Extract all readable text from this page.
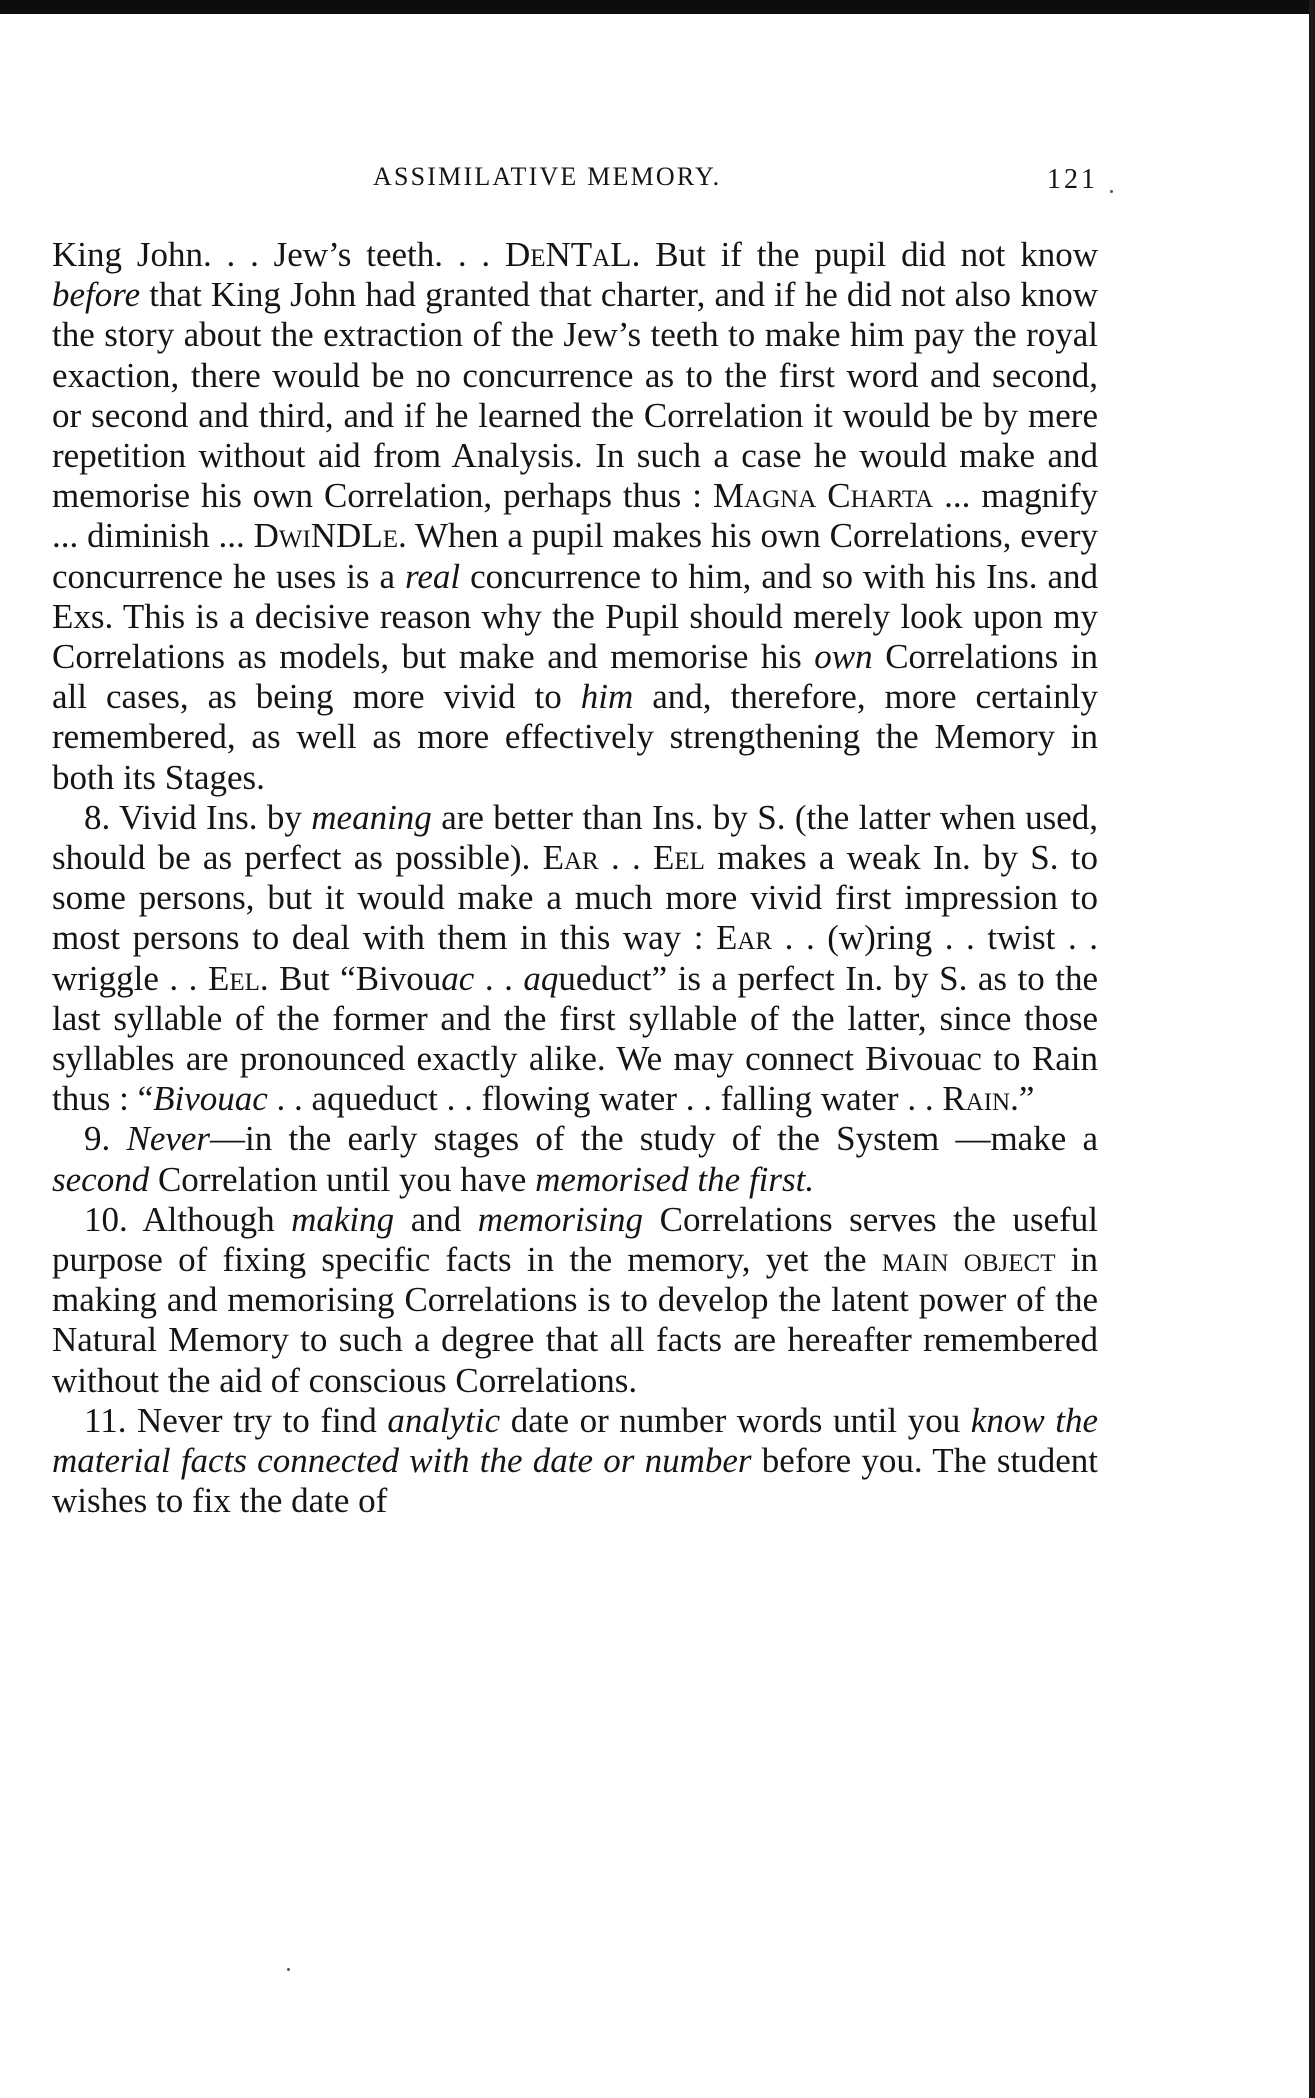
ASSIMILATIVE MEMORY.	121

King John. . . Jew’s teeth. . . DeNTaL. But if the pupil did not know before that King John had granted that charter, and if he did not also know the story about the extraction of the Jew’s teeth to make him pay the royal exaction, there would be no concurrence as to the first word and second, or second and third, and if he learned the Correlation it would be by mere repetition without aid from Analysis. In such a case he would make and memorise his own Correlation, perhaps thus : Magna Charta ... magnify ... diminish ... DwiNDLe. When a pupil makes his own Correlations, every concurrence he uses is a real concurrence to him, and so with his Ins. and Exs. This is a decisive reason why the Pupil should merely look upon my Correlations as models, but make and memorise his own Correlations in all cases, as being more vivid to him and, therefore, more certainly remembered, as well as more effectively strengthening the Memory in both its Stages.

8. Vivid Ins. by meaning are better than Ins. by S. (the latter when used, should be as perfect as possible). Ear . . Eel makes a weak In. by S. to some persons, but it would make a much more vivid first impression to most persons to deal with them in this way : Ear . . (w)ring . . twist . . wriggle . . Eel. But “Bivouac . . aqueduct” is a perfect In. by S. as to the last syllable of the former and the first syllable of the latter, since those syllables are pronounced exactly alike. We may connect Bivouac to Rain thus : “Bivouac . . aqueduct . . flowing water . . falling water . . Rain.”

9. Never—in the early stages of the study of the System —make a second Correlation until you have memorised the first.

10. Although making and memorising Correlations serves the useful purpose of fixing specific facts in the memory, yet the main object in making and memorising Correlations is to develop the latent power of the Natural Memory to such a degree that all facts are hereafter remembered without the aid of conscious Correlations.

11. Never try to find analytic date or number words until you know the material facts connected with the date or number before you. The student wishes to fix the date of
